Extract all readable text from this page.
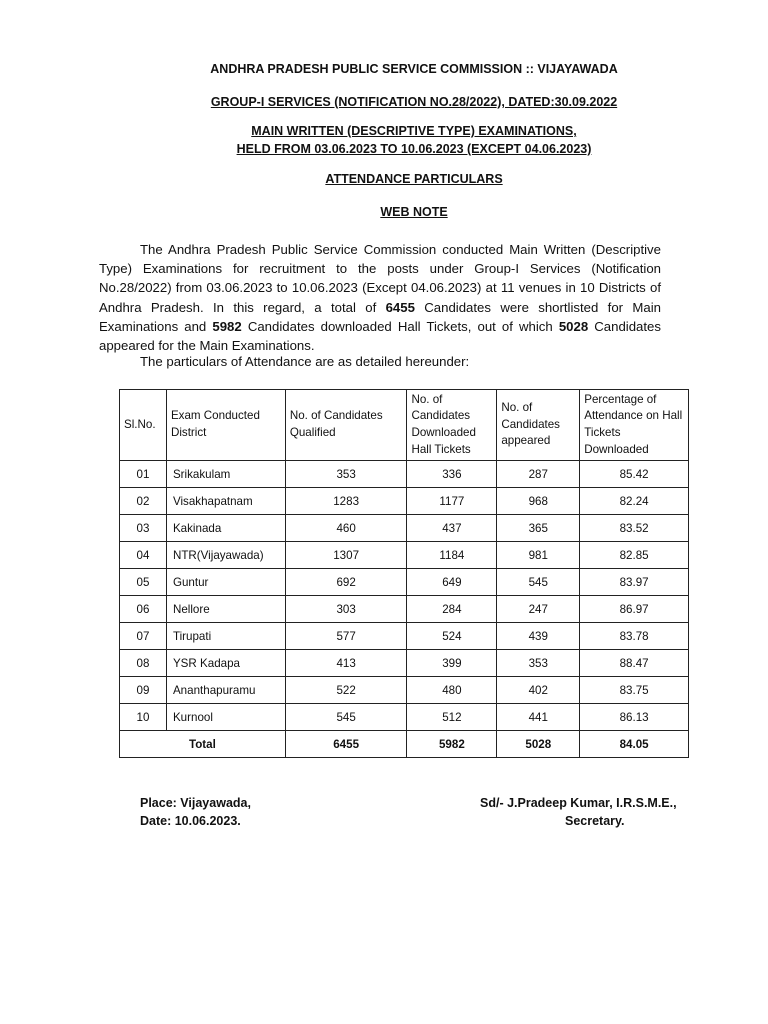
ANDHRA PRADESH PUBLIC SERVICE COMMISSION :: VIJAYAWADA
GROUP-I SERVICES (NOTIFICATION NO.28/2022), DATED:30.09.2022
MAIN WRITTEN (DESCRIPTIVE TYPE) EXAMINATIONS,
HELD FROM 03.06.2023 TO 10.06.2023 (EXCEPT 04.06.2023)
ATTENDANCE PARTICULARS
WEB NOTE
The Andhra Pradesh Public Service Commission conducted Main Written (Descriptive Type) Examinations for recruitment to the posts under Group-I Services (Notification No.28/2022) from 03.06.2023 to 10.06.2023 (Except 04.06.2023) at 11 venues in 10 Districts of Andhra Pradesh. In this regard, a total of 6455 Candidates were shortlisted for Main Examinations and 5982 Candidates downloaded Hall Tickets, out of which 5028 Candidates appeared for the Main Examinations.
The particulars of Attendance are as detailed hereunder:
Sl.No.	Exam Conducted District	No. of Candidates Qualified	No. of Candidates Downloaded Hall Tickets	No. of Candidates appeared	Percentage of Attendance on Hall Tickets Downloaded
01	Srikakulam	353	336	287	85.42
02	Visakhapatnam	1283	1177	968	82.24
03	Kakinada	460	437	365	83.52
04	NTR(Vijayawada)	1307	1184	981	82.85
05	Guntur	692	649	545	83.97
06	Nellore	303	284	247	86.97
07	Tirupati	577	524	439	83.78
08	YSR Kadapa	413	399	353	88.47
09	Ananthapuramu	522	480	402	83.75
10	Kurnool	545	512	441	86.13
Total		6455	5982	5028	84.05
Place: Vijayawada,
Date: 10.06.2023.
Sd/- J.Pradeep Kumar, I.R.S.M.E.,
Secretary.
